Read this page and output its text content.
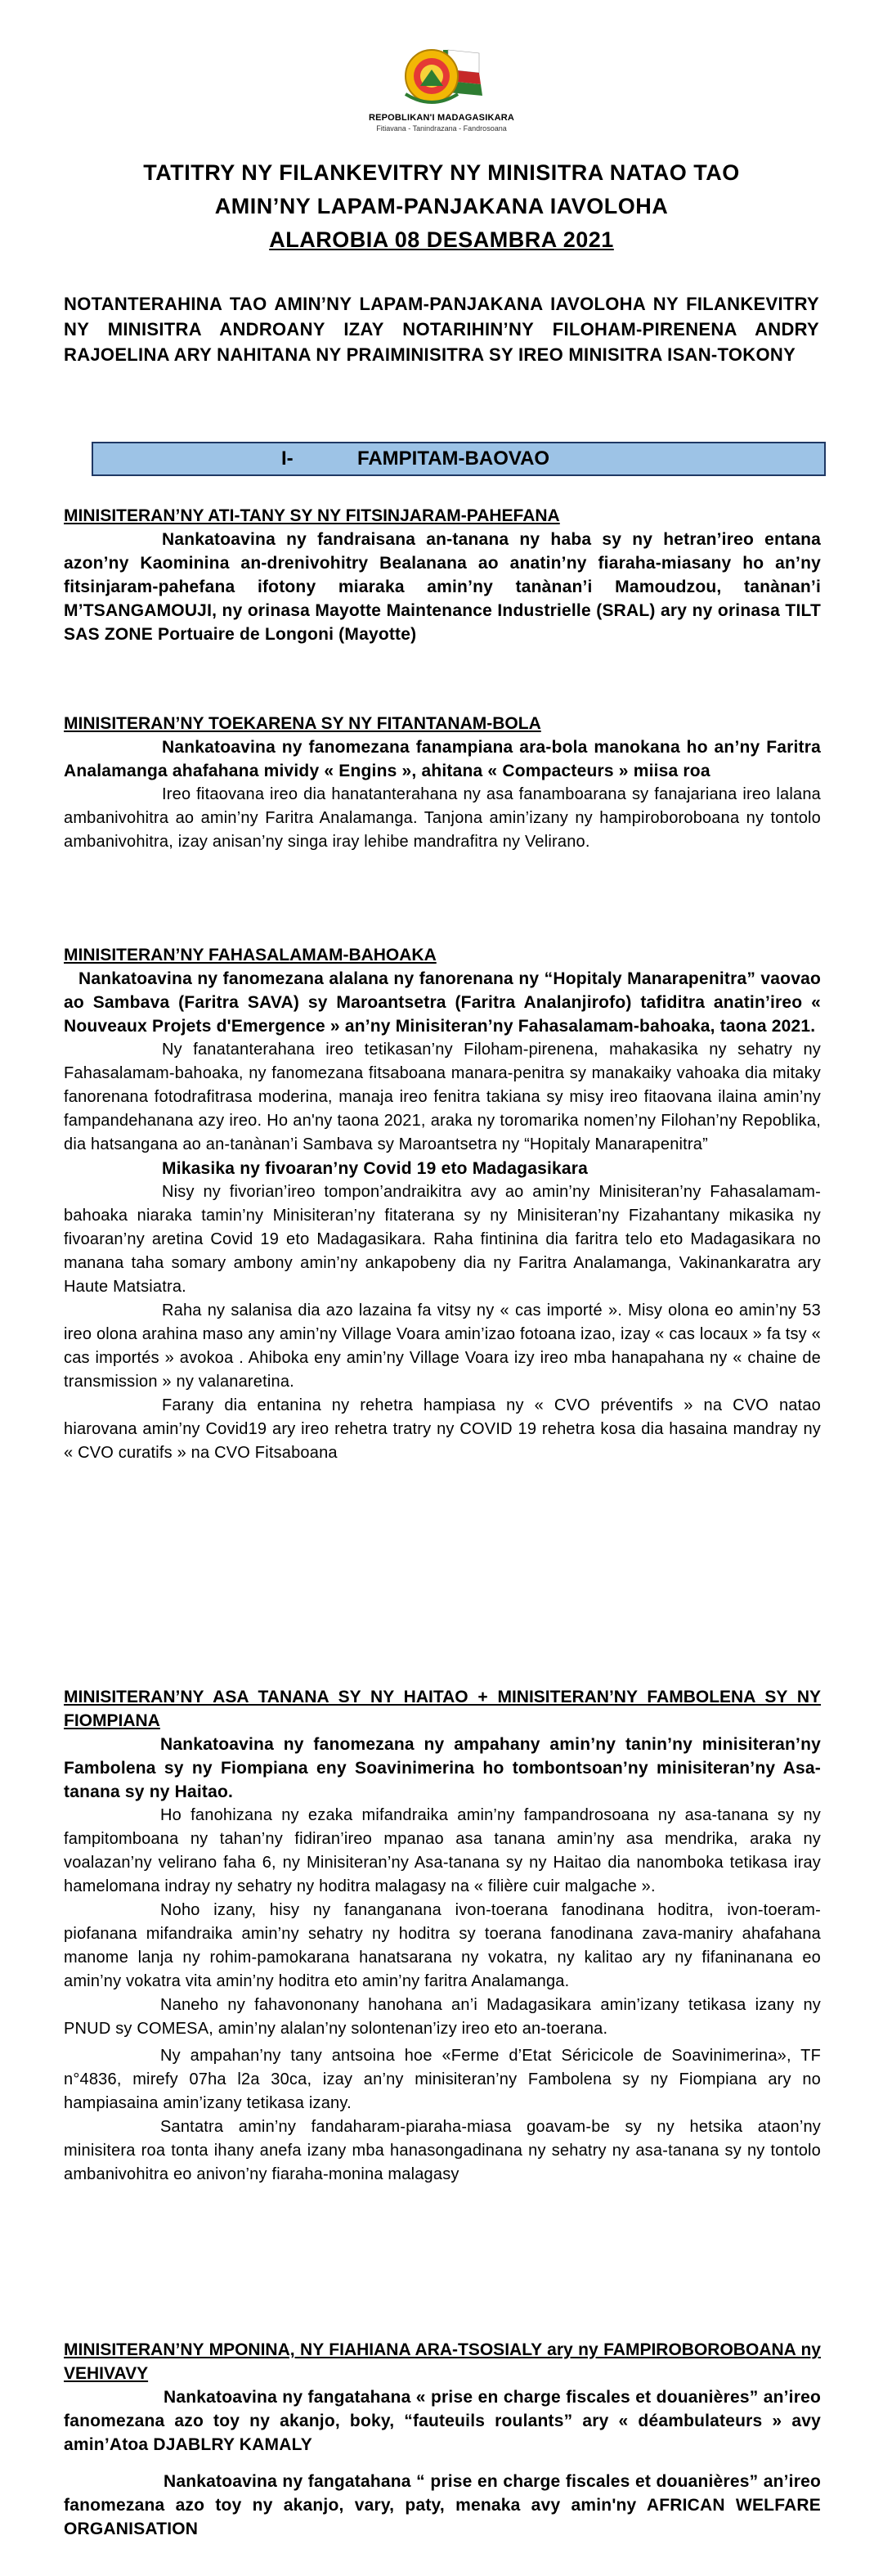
REPOBLIKAN'I MADAGASIKARA
Fitiavana - Tanindrazana - Fandrosoana
TATITRY NY FILANKEVITRY NY MINISITRA NATAO TAO
AMIN’NY LAPAM-PANJAKANA IAVOLOHA
ALAROBIA 08 DESAMBRA 2021
NOTANTERAHINA TAO AMIN’NY LAPAM-PANJAKANA IAVOLOHA NY FILANKEVITRY NY MINISITRA ANDROANY IZAY NOTARIHIN’NY FILOHAM-PIRENENA ANDRY RAJOELINA ARY NAHITANA NY PRAIMINISITRA SY IREO MINISITRA ISAN-TOKONY
I-	FAMPITAM-BAOVAO

MINISITERAN’NY ATI-TANY SY NY FITSINJARAM-PAHEFANA

Nankatoavina ny fandraisana an-tanana ny haba sy ny hetran’ireo entana azon’ny Kaominina an-drenivohitry Bealanana ao anatin’ny fiaraha-miasany ho an’ny fitsinjaram-pahefana ifotony miaraka amin’ny tanànan’i Mamoudzou, tanànan’i M’TSANGAMOUJI, ny orinasa Mayotte Maintenance Industrielle (SRAL) ary ny orinasa TILT SAS ZONE Portuaire de Longoni (Mayotte)

MINISITERAN’NY TOEKARENA SY NY FITANTANAM-BOLA

Nankatoavina ny fanomezana fanampiana ara-bola manokana ho an’ny Faritra Analamanga ahafahana mividy « Engins », ahitana « Compacteurs » miisa roa

Ireo fitaovana ireo dia hanatanterahana ny asa fanamboarana sy fanajariana ireo lalana ambanivohitra ao amin’ny Faritra Analamanga. Tanjona amin’izany ny hampiroboroboana ny tontolo ambanivohitra, izay anisan’ny singa iray lehibe mandrafitra ny Velirano.

MINISITERAN’NY FAHASALAMAM-BAHOAKA

Nankatoavina ny fanomezana alalana ny fanorenana ny “Hopitaly Manarapenitra” vaovao ao Sambava (Faritra SAVA) sy Maroantsetra (Faritra Analanjirofo) tafiditra anatin’ireo « Nouveaux Projets d'Emergence » an’ny Minisiteran’ny Fahasalamam-bahoaka, taona 2021.

Ny fanatanterahana ireo tetikasan’ny Filoham-pirenena, mahakasika ny sehatry ny Fahasalamam-bahoaka, ny fanomezana fitsaboana manara-penitra sy manakaiky vahoaka dia mitaky fanorenana fotodrafitrasa moderina, manaja ireo fenitra takiana sy misy ireo fitaovana ilaina amin’ny fampandehanana azy ireo. Ho an'ny taona 2021, araka ny toromarika nomen’ny Filohan’ny Repoblika, dia hatsangana ao an-tanànan’i Sambava sy Maroantsetra ny “Hopitaly Manarapenitra”

Mikasika ny fivoaran’ny Covid 19 eto Madagasikara

Nisy ny fivorian’ireo tompon’andraikitra avy ao amin’ny Minisiteran’ny Fahasalamam-bahoaka niaraka tamin’ny Minisiteran’ny fitaterana sy ny Minisiteran’ny Fizahantany mikasika ny fivoaran’ny aretina Covid 19 eto Madagasikara. Raha fintinina dia faritra telo eto Madagasikara no manana taha somary ambony amin’ny ankapobeny dia ny Faritra Analamanga, Vakinankaratra ary Haute Matsiatra.

Raha ny salanisa dia azo lazaina fa vitsy ny « cas importé ». Misy olona eo amin’ny 53 ireo olona arahina maso any amin’ny Village Voara amin’izao fotoana izao, izay « cas locaux » fa tsy « cas importés » avokoa . Ahiboka eny amin’ny Village Voara izy ireo mba hanapahana ny « chaine de transmission » ny valanaretina.

Farany dia entanina ny rehetra hampiasa ny « CVO préventifs » na CVO natao hiarovana amin’ny Covid19 ary ireo rehetra tratry ny COVID 19 rehetra kosa dia hasaina mandray ny « CVO curatifs » na CVO Fitsaboana

MINISITERAN’NY ASA TANANA SY NY HAITAO + MINISITERAN’NY FAMBOLENA SY NY FIOMPIANA

Nankatoavina ny fanomezana ny ampahany amin’ny tanin’ny minisiteran’ny Fambolena sy ny Fiompiana eny Soavinimerina ho tombontsoan’ny minisiteran’ny Asa-tanana sy ny Haitao.

Ho fanohizana ny ezaka mifandraika amin’ny fampandrosoana ny asa-tanana sy ny fampitomboana ny tahan’ny fidiran’ireo mpanao asa tanana amin’ny asa mendrika, araka ny voalazan’ny velirano faha 6, ny Minisiteran’ny Asa-tanana sy ny Haitao dia nanomboka tetikasa iray hamelomana indray ny sehatry ny hoditra malagasy na « filière cuir malgache ».

Noho izany, hisy ny fananganana ivon-toerana fanodinana hoditra, ivon-toeram-piofanana mifandraika amin’ny sehatry ny hoditra sy toerana fanodinana zava-maniry ahafahana manome lanja ny rohim-pamokarana hanatsarana ny vokatra, ny kalitao ary ny fifaninanana eo amin’ny vokatra vita amin’ny hoditra eto amin’ny faritra Analamanga.

Naneho ny fahavononany hanohana an’i Madagasikara amin’izany tetikasa izany ny PNUD sy COMESA, amin’ny alalan’ny solontenan’izy ireo eto an-toerana.

Ny ampahan’ny tany antsoina hoe «Ferme d’Etat Séricicole de Soavinimerina», TF n°4836, mirefy 07ha l2a 30ca, izay an’ny minisiteran’ny Fambolena sy ny Fiompiana ary no hampiasaina amin’izany tetikasa izany.

Santatra amin’ny fandaharam-piaraha-miasa goavam-be sy ny hetsika ataon’ny minisitera roa tonta ihany anefa izany mba hanasongadinana ny sehatry ny asa-tanana sy ny tontolo ambanivohitra eo anivon’ny fiaraha-monina malagasy

MINISITERAN’NY MPONINA, NY FIAHIANA ARA-TSOSIALY ary ny FAMPIROBOROBOANA ny VEHIVAVY

Nankatoavina ny fangatahana « prise en charge fiscales et douanières” an’ireo fanomezana azo toy ny akanjo, boky, “fauteuils roulants” ary « déambulateurs » avy amin’Atoa DJABLRY KAMALY

Nankatoavina ny fangatahana “ prise en charge fiscales et douanières” an’ireo fanomezana azo toy ny akanjo, vary, paty, menaka avy amin'ny AFRICAN WELFARE ORGANISATION
